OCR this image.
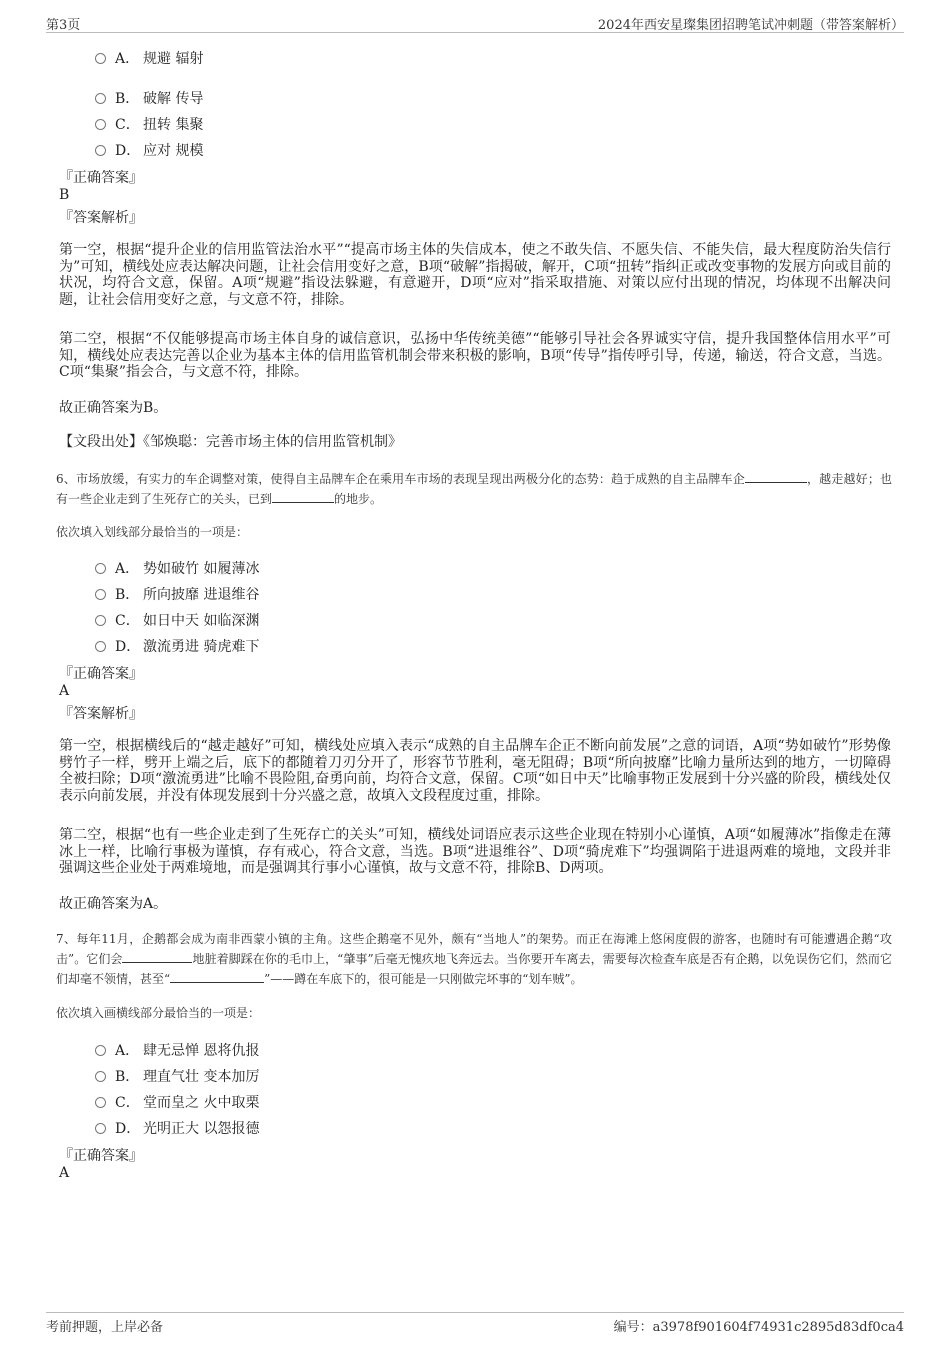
第3页	2024年西安星璨集团招聘笔试冲刺题（带答案解析）
A． 规避 辐射
B． 破解 传导
C． 扭转 集聚
D． 应对 规模
『正确答案』
B
『答案解析』
第一空，根据“提升企业的信用监管法治水平”“提高市场主体的失信成本，使之不敢失信、不愿失信、不能失信，最大程度防治失信行为”可知，横线处应表达解决问题，让社会信用变好之意，B项“破解”指揭破，解开，C项“扭转”指纠正或改变事物的发展方向或目前的状况，均符合文意，保留。A项“规避”指设法躲避，有意避开，D项“应对”指采取措施、对策以应付出现的情况，均体现不出解决问题，让社会信用变好之意，与文意不符，排除。
第二空，根据“不仅能够提高市场主体自身的诚信意识，弘扬中华传统美德”“能够引导社会各界诚实守信，提升我国整体信用水平”可知，横线处应表达完善以企业为基本主体的信用监管机制会带来积极的影响，B项“传导”指传呼引导，传递，输送，符合文意，当选。C项“集聚”指会合，与文意不符，排除。
故正确答案为B。
【文段出处】《邹焕聪：完善市场主体的信用监管机制》
6、市场放缓，有实力的车企调整对策，使得自主品牌车企在乘用车市场的表现呈现出两极分化的态势：趋于成熟的自主品牌车企	，越走越好；也有一些企业走到了生死存亡的关头，已到	的地步。
依次填入划线部分最恰当的一项是：
A． 势如破竹 如履薄冰
B． 所向披靡 进退维谷
C． 如日中天 如临深渊
D． 激流勇进 骑虎难下
『正确答案』
A
『答案解析』
第一空，根据横线后的“越走越好”可知，横线处应填入表示“成熟的自主品牌车企正不断向前发展”之意的词语，A项“势如破竹”形势像劈竹子一样，劈开上端之后，底下的都随着刀刃分开了，形容节节胜利，毫无阻碍；B项“所向披靡”比喻力量所达到的地方，一切障碍全被扫除；D项“激流勇进”比喻不畏险阻,奋勇向前，均符合文意，保留。C项“如日中天”比喻事物正发展到十分兴盛的阶段，横线处仅表示向前发展，并没有体现发展到十分兴盛之意，故填入文段程度过重，排除。
第二空，根据“也有一些企业走到了生死存亡的关头”可知，横线处词语应表示这些企业现在特别小心谨慎，A项“如履薄冰”指像走在薄冰上一样，比喻行事极为谨慎，存有戒心，符合文意，当选。B项“进退维谷”、D项“骑虎难下”均强调陷于进退两难的境地，文段并非强调这些企业处于两难境地，而是强调其行事小心谨慎，故与文意不符，排除B、D两项。
故正确答案为A。
7、每年11月，企鹅都会成为南非西蒙小镇的主角。这些企鹅毫不见外，颇有“当地人”的架势。而正在海滩上悠闲度假的游客，也随时有可能遭遇企鹅“攻击”。它们会	地脏着脚踩在你的毛巾上，“肇事”后毫无愧疚地飞奔远去。当你要开车离去，需要每次检查车底是否有企鹅，以免误伤它们，然而它们却毫不领情，甚至“	”——蹲在车底下的，很可能是一只刚做完坏事的“划车贼”。
依次填入画横线部分最恰当的一项是：
A． 肆无忌惮 恩将仇报
B． 理直气壮 变本加厉
C． 堂而皇之 火中取栗
D． 光明正大 以怨报德
『正确答案』
A
考前押题，上岸必备	编号：a3978f901604f74931c2895d83df0ca4
